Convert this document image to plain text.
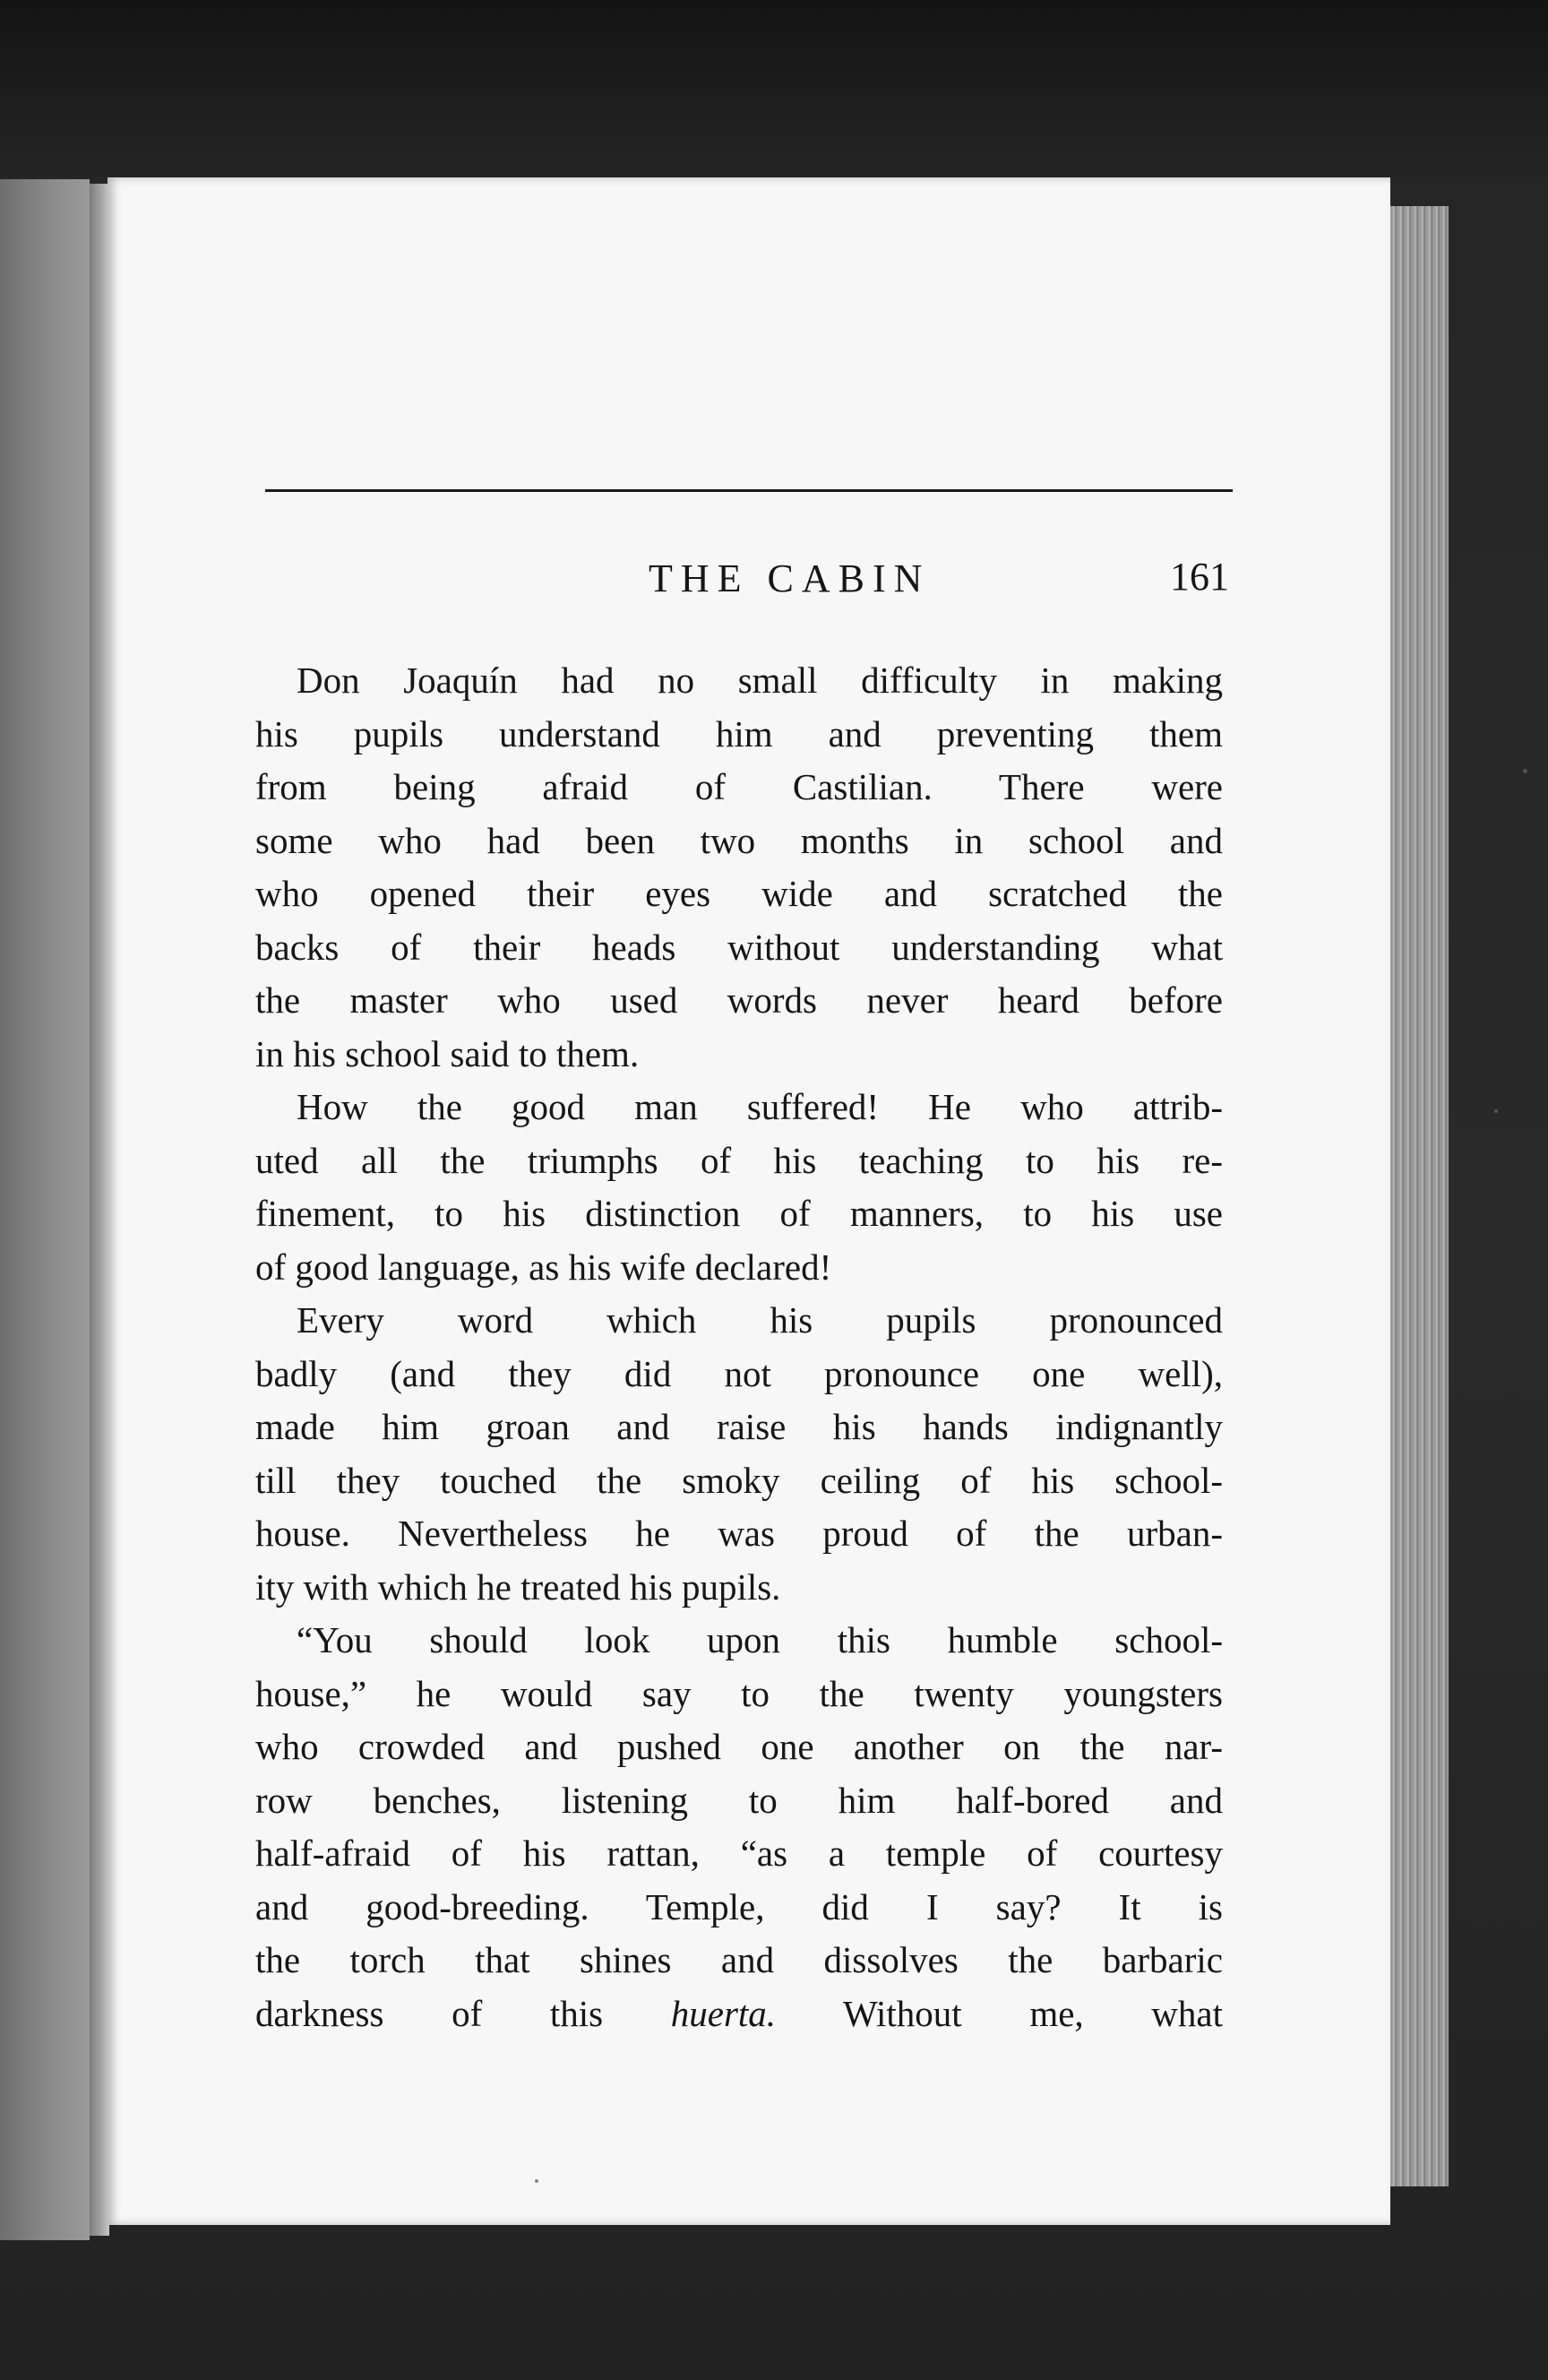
THE CABIN	161
Don Joaquín had no small difficulty in making
his pupils understand him and preventing them
from being afraid of Castilian. There were
some who had been two months in school and
who opened their eyes wide and scratched the
backs of their heads without understanding what
the master who used words never heard before
in his school said to them.
How the good man suffered! He who attrib-
uted all the triumphs of his teaching to his re-
finement, to his distinction of manners, to his use
of good language, as his wife declared!
Every word which his pupils pronounced
badly (and they did not pronounce one well),
made him groan and raise his hands indignantly
till they touched the smoky ceiling of his school-
house. Nevertheless he was proud of the urban-
ity with which he treated his pupils.
“You should look upon this humble school-
house,” he would say to the twenty youngsters
who crowded and pushed one another on the nar-
row benches, listening to him half-bored and
half-afraid of his rattan, “as a temple of courtesy
and good-breeding. Temple, did I say? It is
the torch that shines and dissolves the barbaric
darkness of this huerta. Without me, what
